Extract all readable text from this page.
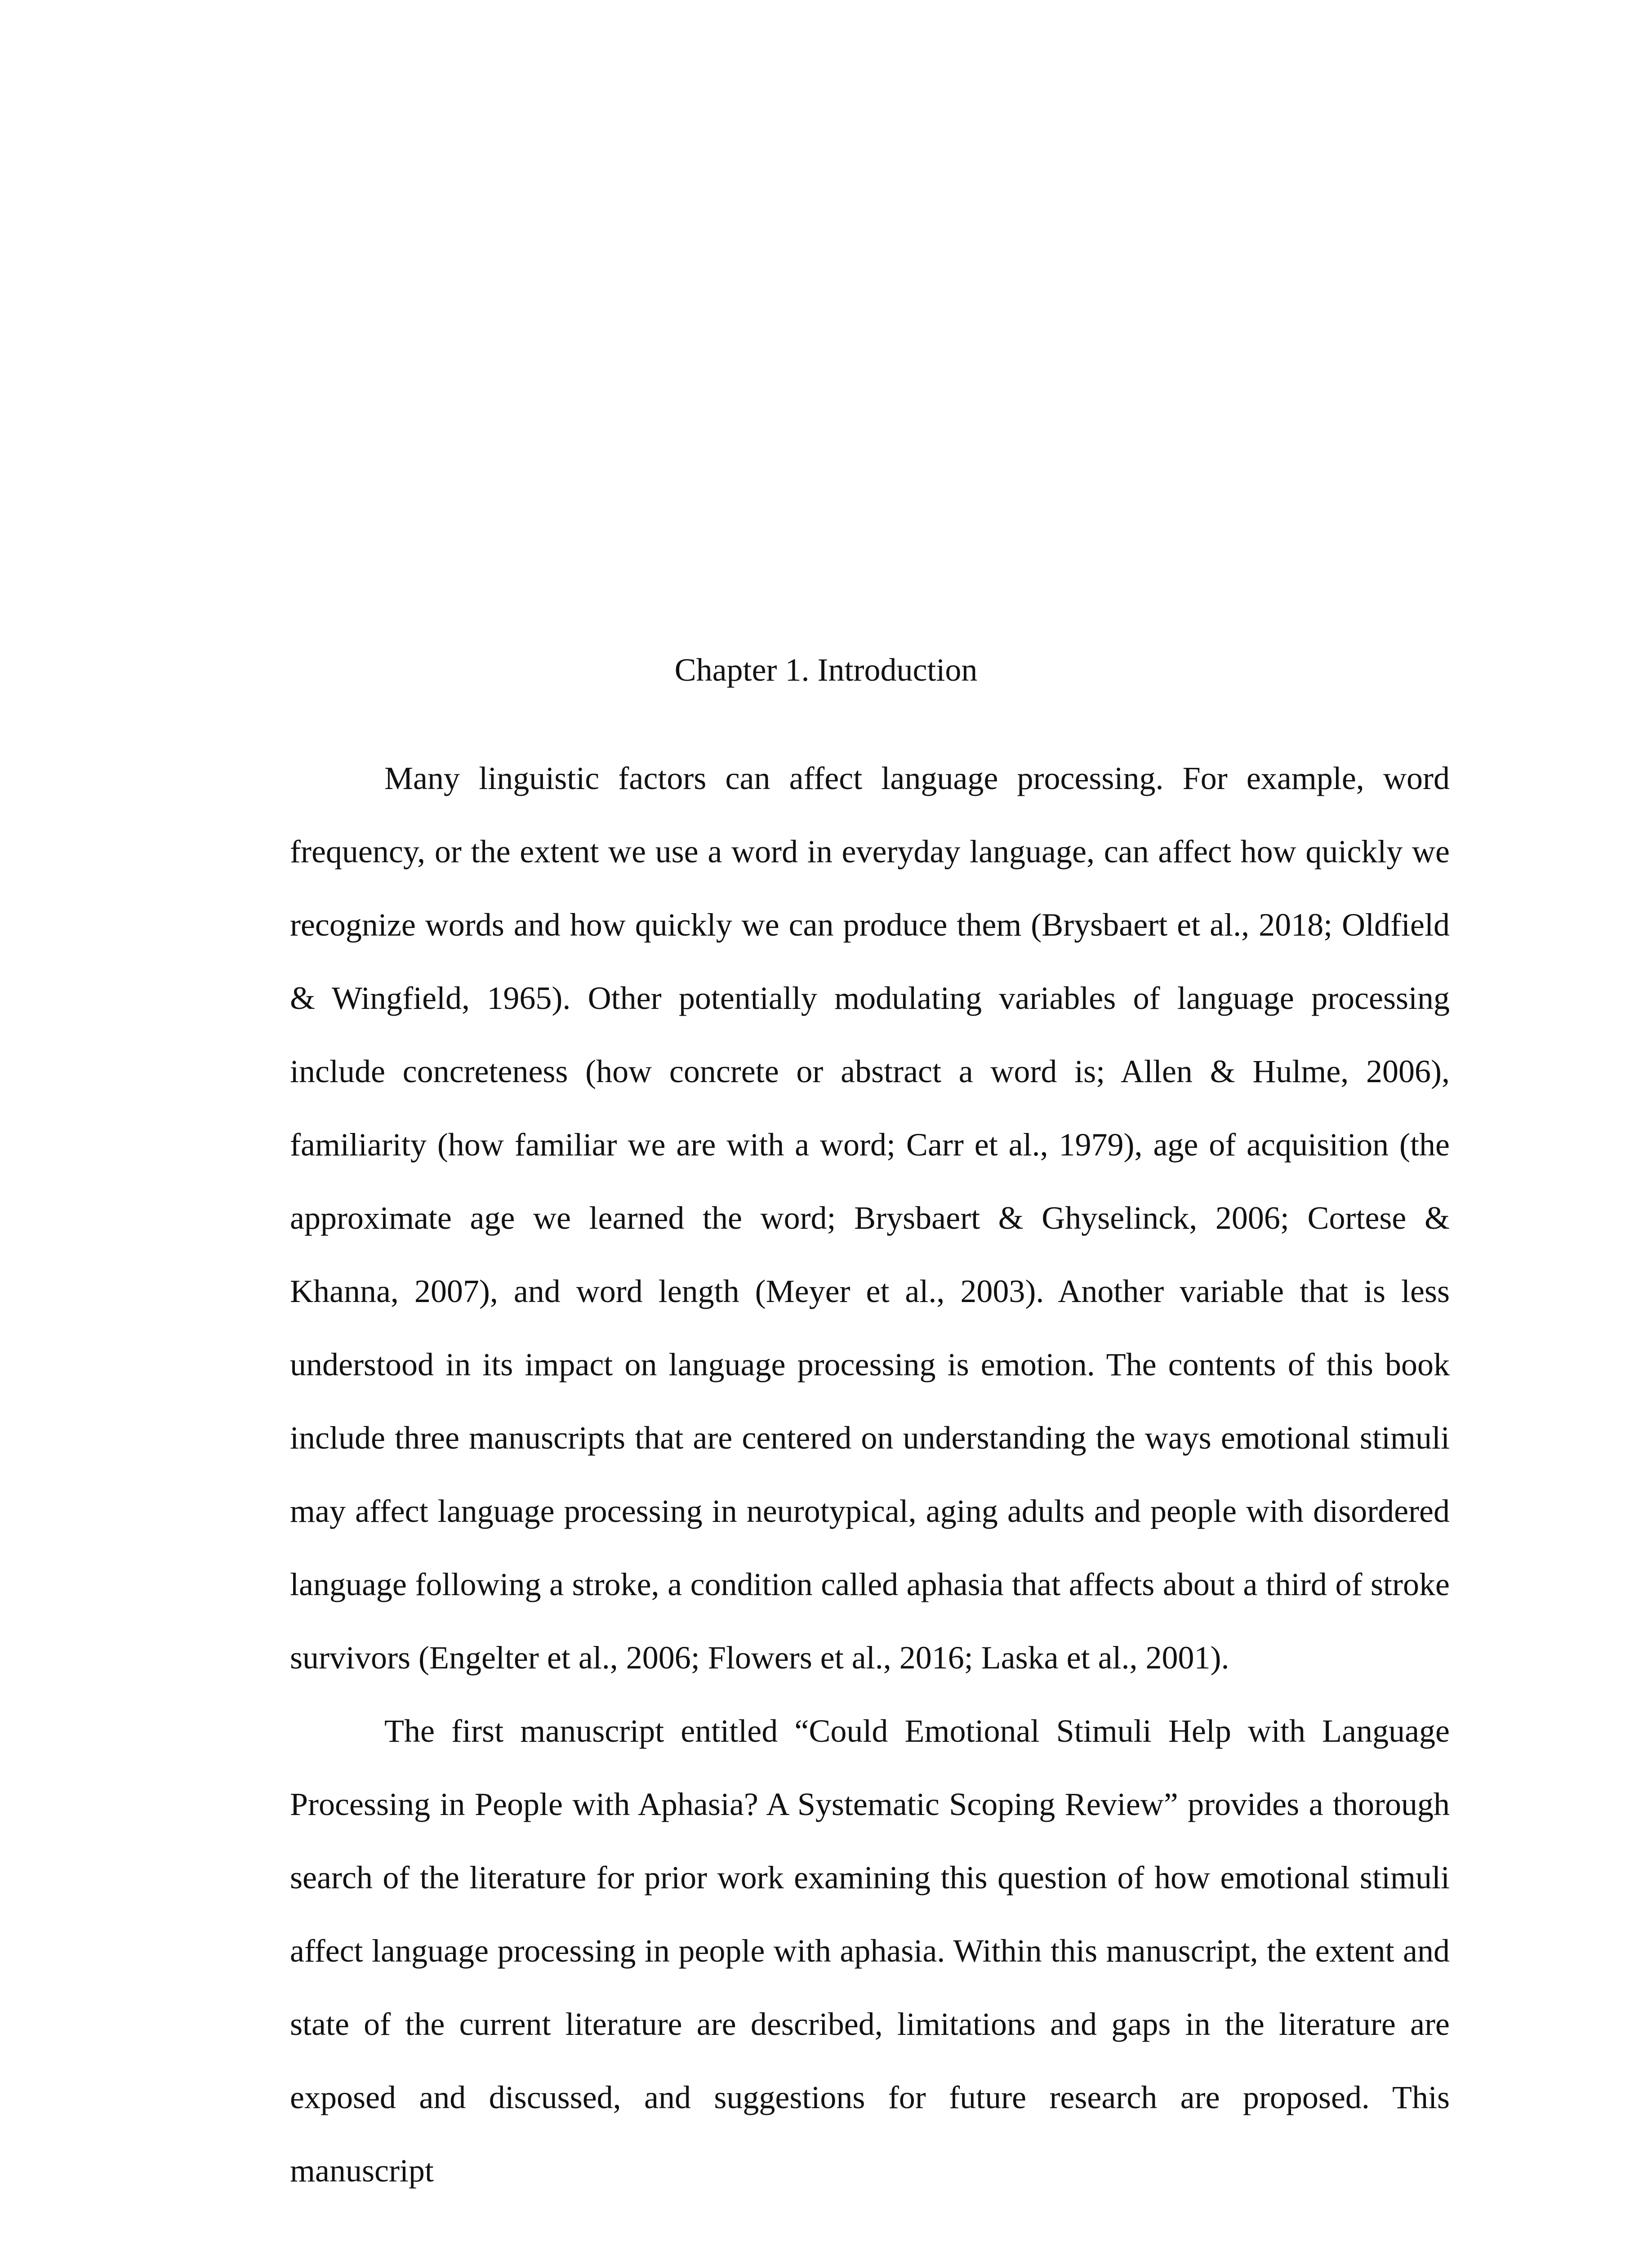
Chapter 1. Introduction

Many linguistic factors can affect language processing. For example, word frequency, or the extent we use a word in everyday language, can affect how quickly we recognize words and how quickly we can produce them (Brysbaert et al., 2018; Oldfield & Wingfield, 1965). Other potentially modulating variables of language processing include concreteness (how concrete or abstract a word is; Allen & Hulme, 2006), familiarity (how familiar we are with a word; Carr et al., 1979), age of acquisition (the approximate age we learned the word; Brysbaert & Ghyselinck, 2006; Cortese & Khanna, 2007), and word length (Meyer et al., 2003). Another variable that is less understood in its impact on language processing is emotion. The contents of this book include three manuscripts that are centered on understanding the ways emotional stimuli may affect language processing in neurotypical, aging adults and people with disordered language following a stroke, a condition called aphasia that affects about a third of stroke survivors (Engelter et al., 2006; Flowers et al., 2016; Laska et al., 2001).

The first manuscript entitled “Could Emotional Stimuli Help with Language Processing in People with Aphasia? A Systematic Scoping Review” provides a thorough search of the literature for prior work examining this question of how emotional stimuli affect language processing in people with aphasia. Within this manuscript, the extent and state of the current literature are described, limitations and gaps in the literature are exposed and discussed, and suggestions for future research are proposed. This manuscript
